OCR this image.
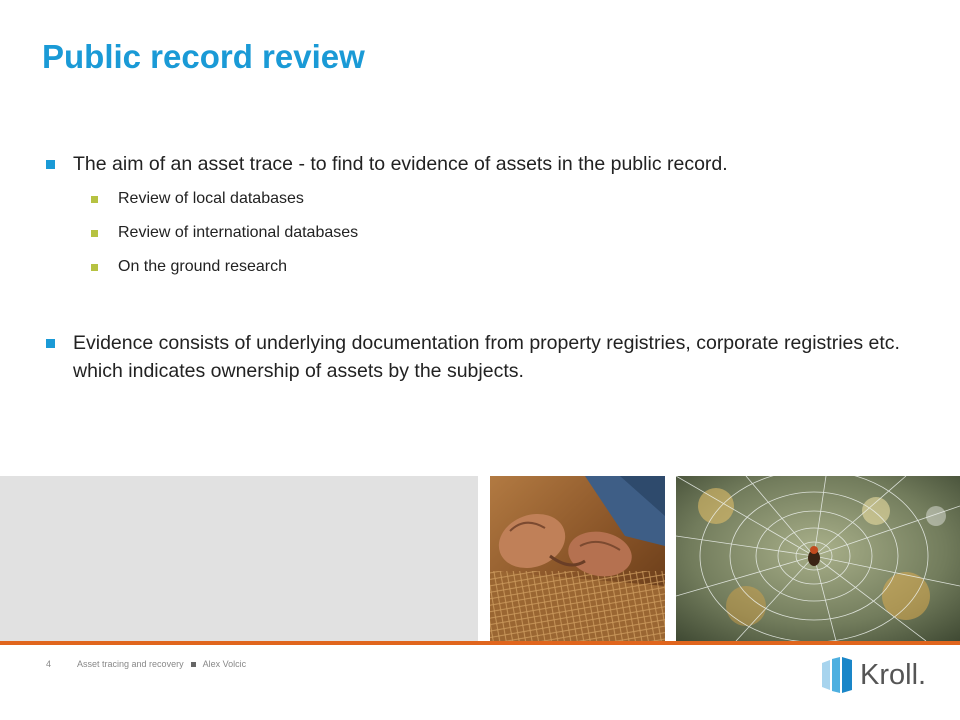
Public record review
The aim of an asset trace - to find to evidence of assets in the public record.
Review of local databases
Review of international databases
On the ground research
Evidence consists of underlying documentation from property registries, corporate registries etc. which indicates ownership of assets by the subjects.
4	Asset tracing and recovery Alex Volcic	Kroll.
